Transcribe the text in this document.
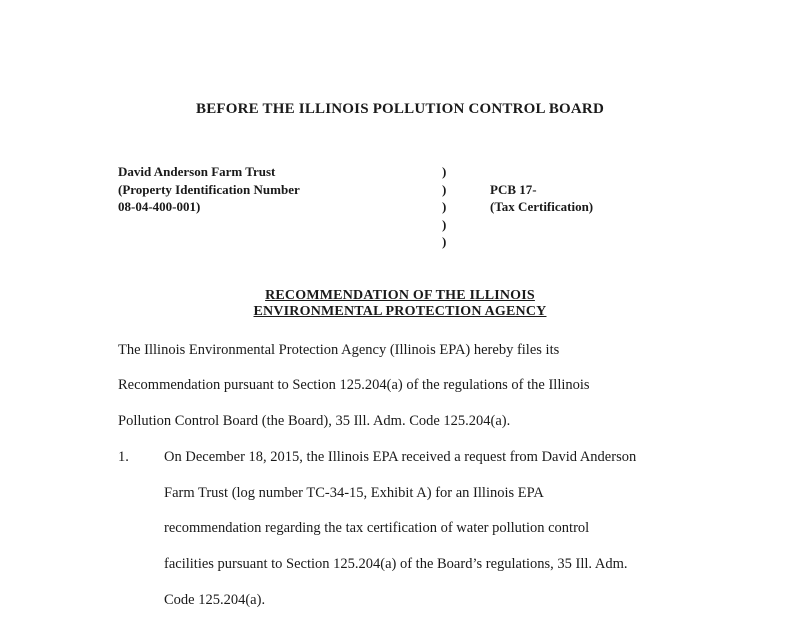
BEFORE THE ILLINOIS POLLUTION CONTROL BOARD
David Anderson Farm Trust
(Property Identification Number
08-04-400-001)
)
)
)
)
)
PCB 17-
(Tax Certification)
RECOMMENDATION OF THE ILLINOIS
ENVIRONMENTAL PROTECTION AGENCY
The Illinois Environmental Protection Agency (Illinois EPA) hereby files its
Recommendation pursuant to Section 125.204(a) of the regulations of the Illinois
Pollution Control Board (the Board), 35 Ill. Adm. Code 125.204(a).
1. On December 18, 2015, the Illinois EPA received a request from David Anderson
Farm Trust (log number TC-34-15, Exhibit A) for an Illinois EPA
recommendation regarding the tax certification of water pollution control
facilities pursuant to Section 125.204(a) of the Board’s regulations, 35 Ill. Adm.
Code 125.204(a).
